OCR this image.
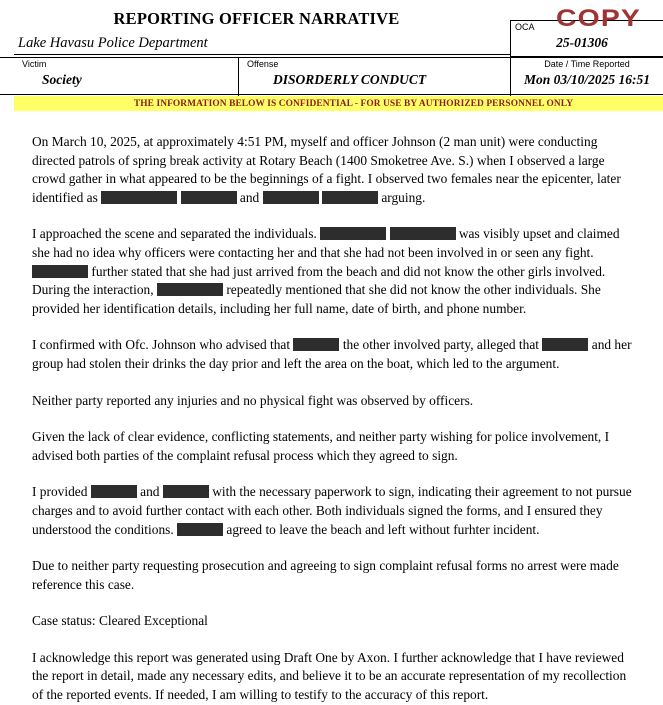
REPORTING OFFICER NARRATIVE	COPY
OCA
25-01306
Lake Havasu Police Department
Victim
Society
Offense
DISORDERLY CONDUCT
Date / Time Reported
Mon 03/10/2025 16:51
THE INFORMATION BELOW IS CONFIDENTIAL - FOR USE BY AUTHORIZED PERSONNEL ONLY

On March 10, 2025, at approximately 4:51 PM, myself and officer Johnson (2 man unit) were conducting directed patrols of spring break activity at Rotary Beach (1400 Smoketree Ave. S.) when I observed a large crowd gather in what appeared to be the beginnings of a fight. I observed two females near the epicenter, later identified as	and	arguing.

I approached the scene and separated the individuals.	was visibly upset and claimed she had no idea why officers were contacting her and that she had not been involved in or seen any fight.  further stated that she had just arrived from the beach and did not know the other girls involved. During the interaction,	repeatedly mentioned that she did not know the other individuals. She provided her identification details, including her full name, date of birth, and phone number.

I confirmed with Ofc. Johnson who advised that	the other involved party, alleged that	and her group had stolen their drinks the day prior and left the area on the boat, which led to the argument.

Neither party reported any injuries and no physical fight was observed by officers.

Given the lack of clear evidence, conflicting statements, and neither party wishing for police involvement, I advised both parties of the complaint refusal process which they agreed to sign.

I provided	and	with the necessary paperwork to sign, indicating their agreement to not pursue charges and to avoid further contact with each other. Both individuals signed the forms, and I ensured they understood the conditions.	agreed to leave the beach and left without furhter incident.

Due to neither party requesting prosecution and agreeing to sign complaint refusal forms no arrest were made reference this case.

Case status: Cleared Exceptional

I acknowledge this report was generated using Draft One by Axon. I further acknowledge that I have reviewed the report in detail, made any necessary edits, and believe it to be an accurate representation of my recollection of the reported events. If needed, I am willing to testify to the accuracy of this report.
